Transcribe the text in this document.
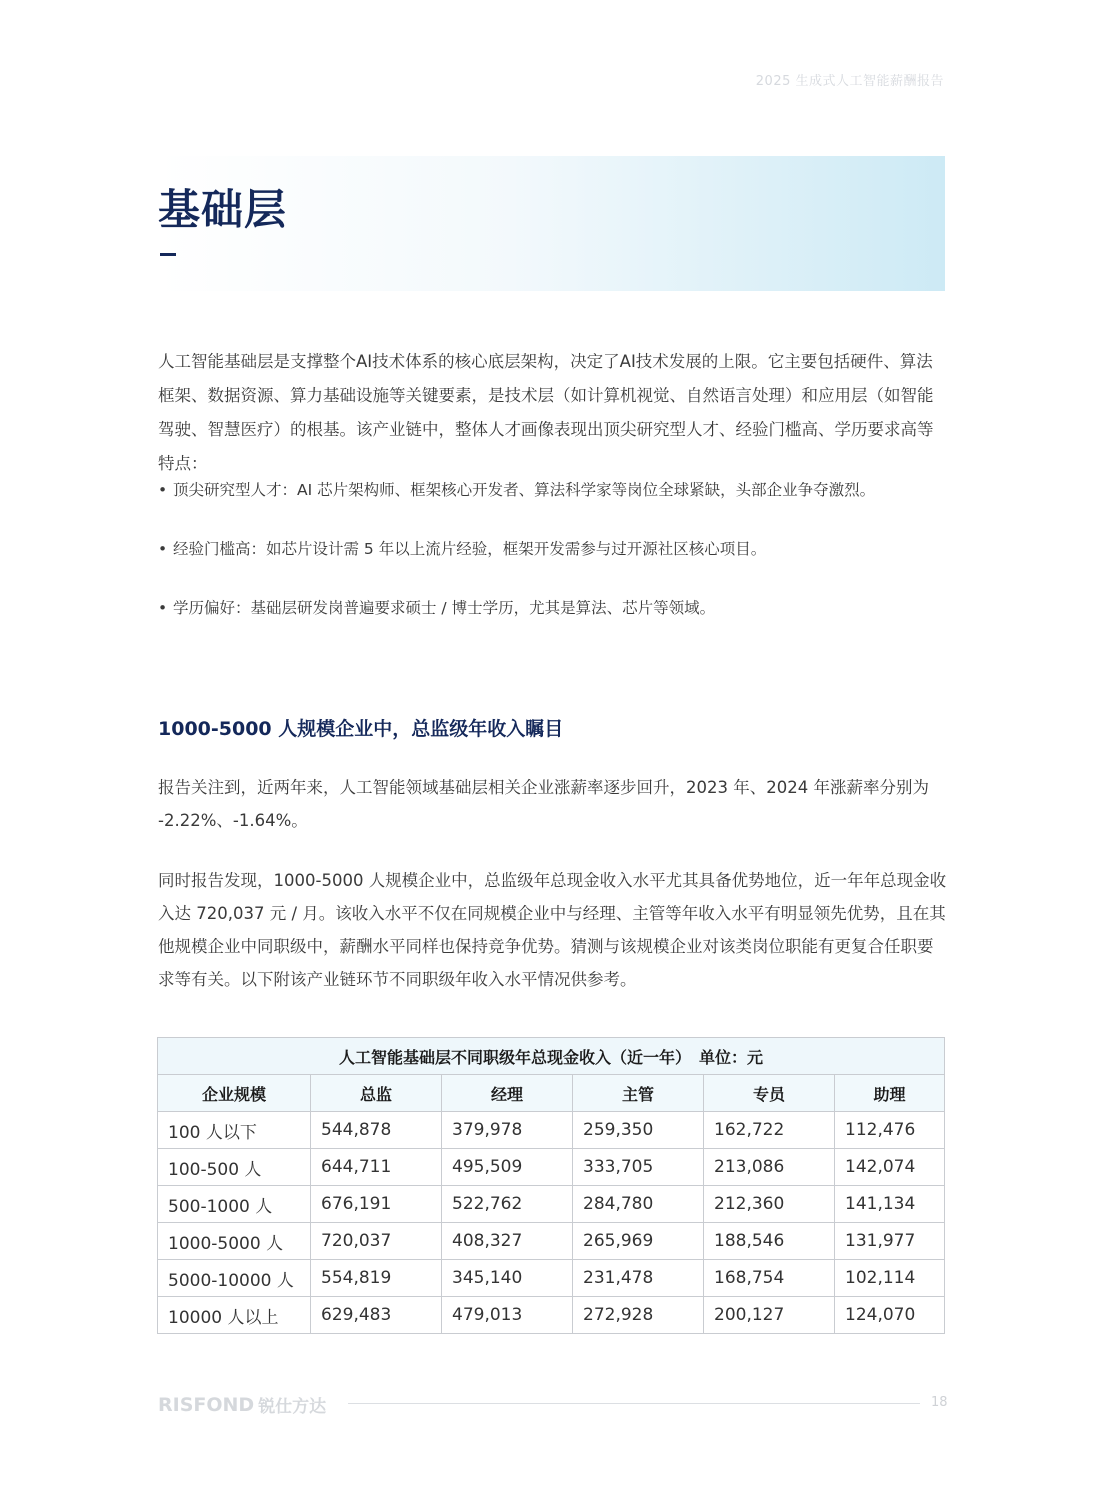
2025 生成式人工智能薪酬报告
基础层

人工智能基础层是支撑整个AI技术体系的核心底层架构，决定了AI技术发展的上限。它主要包括硬件、算法框架、数据资源、算力基础设施等关键要素，是技术层（如计算机视觉、自然语言处理）和应用层（如智能驾驶、智慧医疗）的根基。该产业链中，整体人才画像表现出顶尖研究型人才、经验门槛高、学历要求高等特点：

• 顶尖研究型人才：AI 芯片架构师、框架核心开发者、算法科学家等岗位全球紧缺，头部企业争夺激烈。

• 经验门槛高：如芯片设计需 5 年以上流片经验，框架开发需参与过开源社区核心项目。

• 学历偏好：基础层研发岗普遍要求硕士 / 博士学历，尤其是算法、芯片等领域。

1000-5000 人规模企业中，总监级年收入瞩目

报告关注到，近两年来，人工智能领域基础层相关企业涨薪率逐步回升，2023 年、2024 年涨薪率分别为 -2.22%、-1.64%。

同时报告发现，1000-5000 人规模企业中，总监级年总现金收入水平尤其具备优势地位，近一年年总现金收入达 720,037 元 / 月。该收入水平不仅在同规模企业中与经理、主管等年收入水平有明显领先优势，且在其他规模企业中同职级中，薪酬水平同样也保持竞争优势。猜测与该规模企业对该类岗位职能有更复合任职要求等有关。以下附该产业链环节不同职级年收入水平情况供参考。

人工智能基础层不同职级年总现金收入（近一年）　单位：元					
企业规模	总监	经理	主管	专员	助理
100 人以下	544,878	379,978	259,350	162,722	112,476
100-500 人	644,711	495,509	333,705	213,086	142,074
500-1000 人	676,191	522,762	284,780	212,360	141,134
1000-5000 人	720,037	408,327	265,969	188,546	131,977
5000-10000 人	554,819	345,140	231,478	168,754	102,114
10000 人以上	629,483	479,013	272,928	200,127	124,070
RISFOND 锐仕方达	18
